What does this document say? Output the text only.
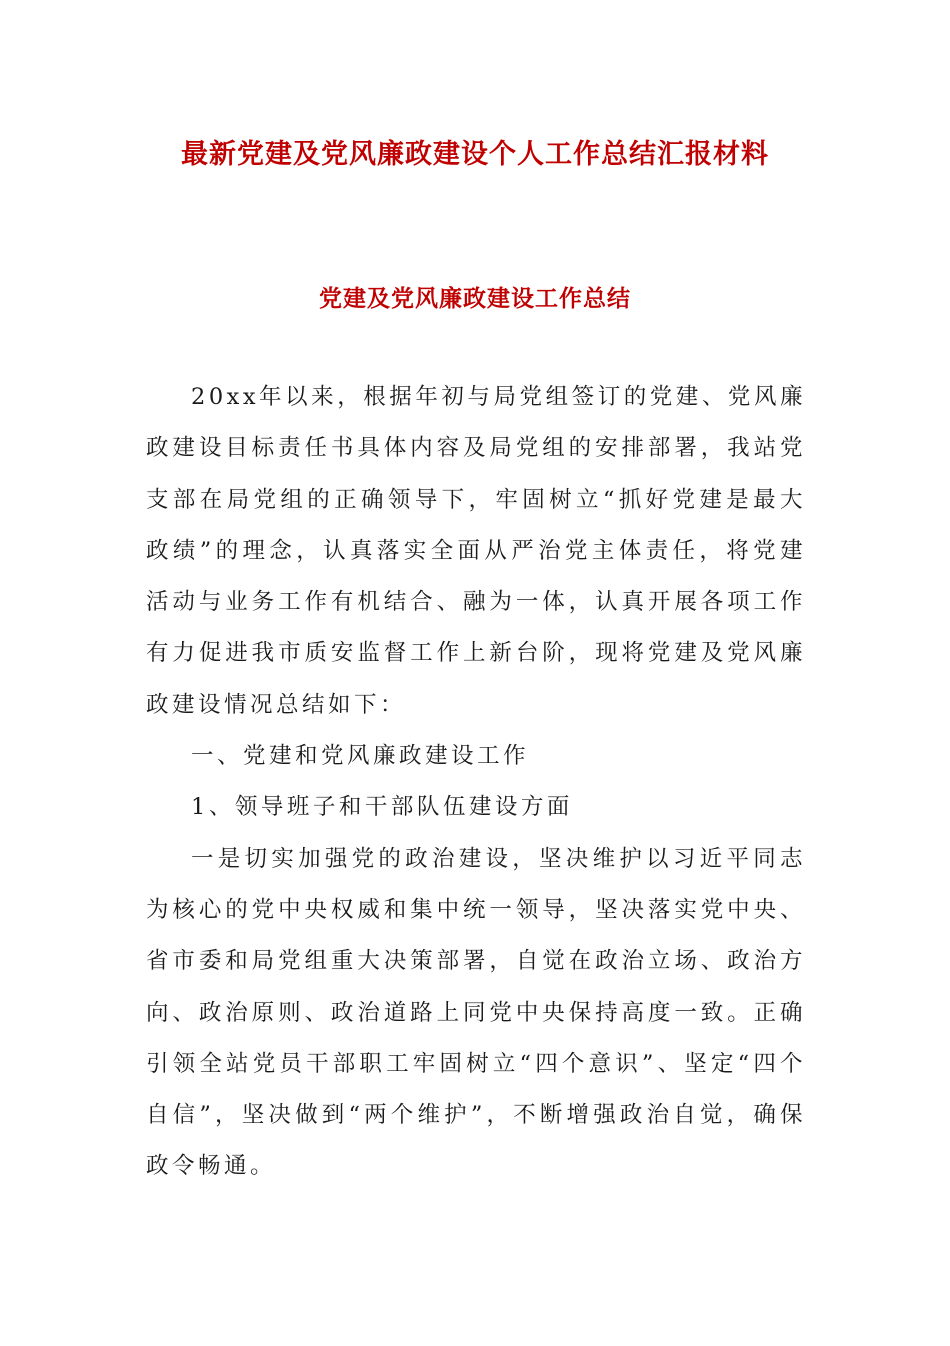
最新党建及党风廉政建设个人工作总结汇报材料
党建及党风廉政建设工作总结

20xx年以来，根据年初与局党组签订的党建、党风廉政建设目标责任书具体内容及局党组的安排部署，我站党支部在局党组的正确领导下，牢固树立“抓好党建是最大政绩”的理念，认真落实全面从严治党主体责任，将党建活动与业务工作有机结合、融为一体，认真开展各项工作有力促进我市质安监督工作上新台阶，现将党建及党风廉政建设情况总结如下：

一、党建和党风廉政建设工作

1、领导班子和干部队伍建设方面

一是切实加强党的政治建设，坚决维护以习近平同志为核心的党中央权威和集中统一领导，坚决落实党中央、省市委和局党组重大决策部署，自觉在政治立场、政治方向、政治原则、政治道路上同党中央保持高度一致。正确引领全站党员干部职工牢固树立“四个意识”、坚定“四个自信”，坚决做到“两个维护”，不断增强政治自觉，确保政令畅通。
